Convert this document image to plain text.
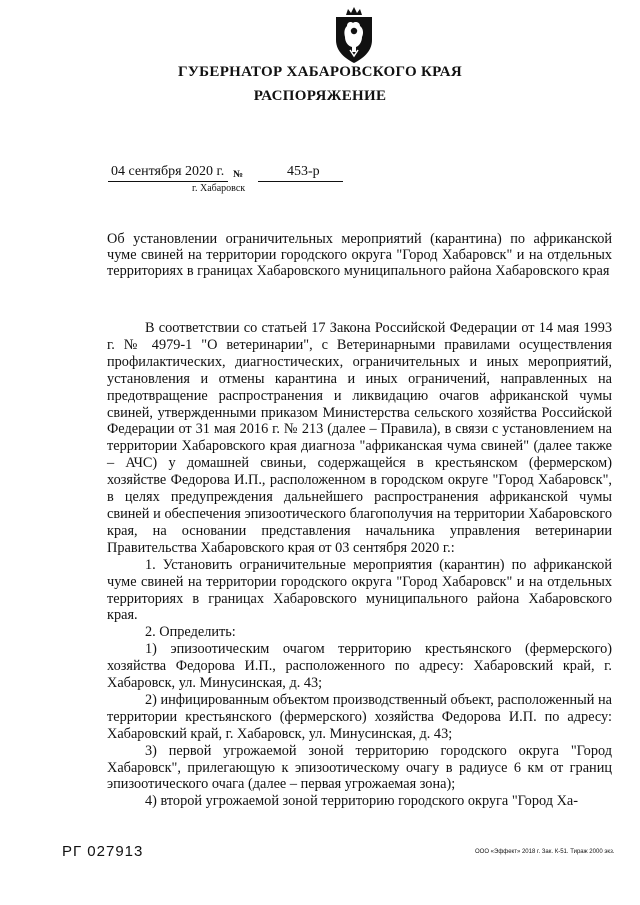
ГУБЕРНАТОР ХАБАРОВСКОГО КРАЯ
РАСПОРЯЖЕНИЕ
04 сентября 2020 г. №	453-р
г. Хабаровск
Об установлении ограничительных мероприятий (карантина) по африканской чуме свиней на территории городского округа "Город Хабаровск" и на отдельных территориях в границах Хабаровского муниципального района Хабаровского края

В соответствии со статьей 17 Закона Российской Федерации от 14 мая 1993 г. № 4979-1 "О ветеринарии", с Ветеринарными правилами осуществления профилактических, диагностических, ограничительных и иных мероприятий, установления и отмены карантина и иных ограничений, направленных на предотвращение распространения и ликвидацию очагов африканской чумы свиней, утвержденными приказом Министерства сельского хозяйства Российской Федерации от 31 мая 2016 г. № 213 (далее – Правила), в связи с установлением на территории Хабаровского края диагноза "африканская чума свиней" (далее также – АЧС) у домашней свиньи, содержащейся в крестьянском (фермерском) хозяйстве Федорова И.П., расположенном в городском округе "Город Хабаровск", в целях предупреждения дальнейшего распространения африканской чумы свиней и обеспечения эпизоотического благополучия на территории Хабаровского края, на основании представления начальника управления ветеринарии Правительства Хабаровского края от 03 сентября 2020 г.:

1. Установить ограничительные мероприятия (карантин) по африканской чуме свиней на территории городского округа "Город Хабаровск" и на отдельных территориях в границах Хабаровского муниципального района Хабаровского края.

2. Определить:

1) эпизоотическим очагом территорию крестьянского (фермерского) хозяйства Федорова И.П., расположенного по адресу: Хабаровский край, г. Хабаровск, ул. Минусинская, д. 43;

2) инфицированным объектом производственный объект, расположенный на территории крестьянского (фермерского) хозяйства Федорова И.П. по адресу: Хабаровский край, г. Хабаровск, ул. Минусинская, д. 43;

3) первой угрожаемой зоной территорию городского округа "Город Хабаровск", прилегающую к эпизоотическому очагу в радиусе 6 км от границ эпизоотического очага (далее – первая угрожаемая зона);

4) второй угрожаемой зоной территорию городского округа "Город Ха-

РГ 027913	ООО «Эффект» 2018 г. Зак. К-51. Тираж 2000 экз.
